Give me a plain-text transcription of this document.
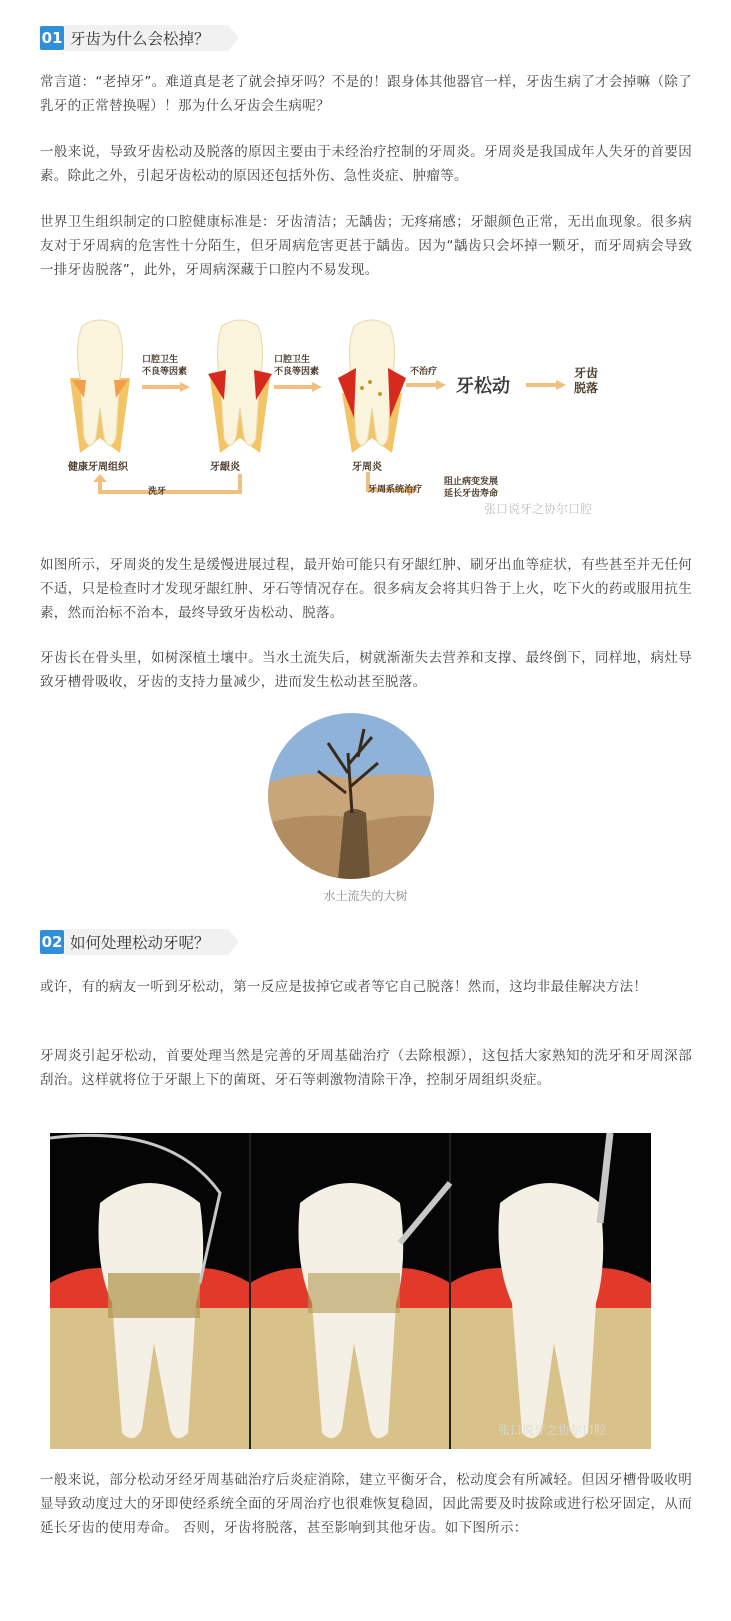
01 牙齿为什么会松掉？

常言道：“老掉牙”。难道真是老了就会掉牙吗？不是的！跟身体其他器官一样，牙齿生病了才会掉嘛（除了乳牙的正常替换喔）！那为什么牙齿会生病呢？

一般来说，导致牙齿松动及脱落的原因主要由于未经治疗控制的牙周炎。牙周炎是我国成年人失牙的首要因素。除此之外，引起牙齿松动的原因还包括外伤、急性炎症、肿瘤等。

世界卫生组织制定的口腔健康标准是：牙齿清洁；无龋齿；无疼痛感；牙龈颜色正常，无出血现象。很多病友对于牙周病的危害性十分陌生，但牙周病危害更甚于龋齿。因为“龋齿只会坏掉一颗牙，而牙周病会导致一排牙齿脱落”，此外，牙周病深藏于口腔内不易发现。

口腔卫生
不良等因素
口腔卫生
不良等因素	不治疗
牙松动
牙齿
脱落
健康牙周组织	牙龈炎	牙周炎
洗牙	牙周系统治疗
阻止病变发展
延长牙齿寿命
张口说牙之协尔口腔

如图所示，牙周炎的发生是缓慢进展过程，最开始可能只有牙龈红肿、刷牙出血等症状，有些甚至并无任何不适，只是检查时才发现牙龈红肿、牙石等情况存在。很多病友会将其归咎于上火，吃下火的药或服用抗生素，然而治标不治本，最终导致牙齿松动、脱落。

牙齿长在骨头里，如树深植土壤中。当水土流失后，树就渐渐失去营养和支撑、最终倒下，同样地，病灶导致牙槽骨吸收，牙齿的支持力量减少，进而发生松动甚至脱落。

水土流失的大树
02 如何处理松动牙呢？

或许，有的病友一听到牙松动，第一反应是拔掉它或者等它自己脱落！然而，这均非最佳解决方法！

牙周炎引起牙松动，首要处理当然是完善的牙周基础治疗（去除根源），这包括大家熟知的洗牙和牙周深部刮治。这样就将位于牙龈上下的菌斑、牙石等刺激物清除干净，控制牙周组织炎症。

张口说牙之协尔口腔

一般来说，部分松动牙经牙周基础治疗后炎症消除，建立平衡牙合，松动度会有所减轻。但因牙槽骨吸收明显导致动度过大的牙即使经系统全面的牙周治疗也很难恢复稳固，因此需要及时拔除或进行松牙固定，从而延长牙齿的使用寿命。 否则，牙齿将脱落，甚至影响到其他牙齿。如下图所示：
